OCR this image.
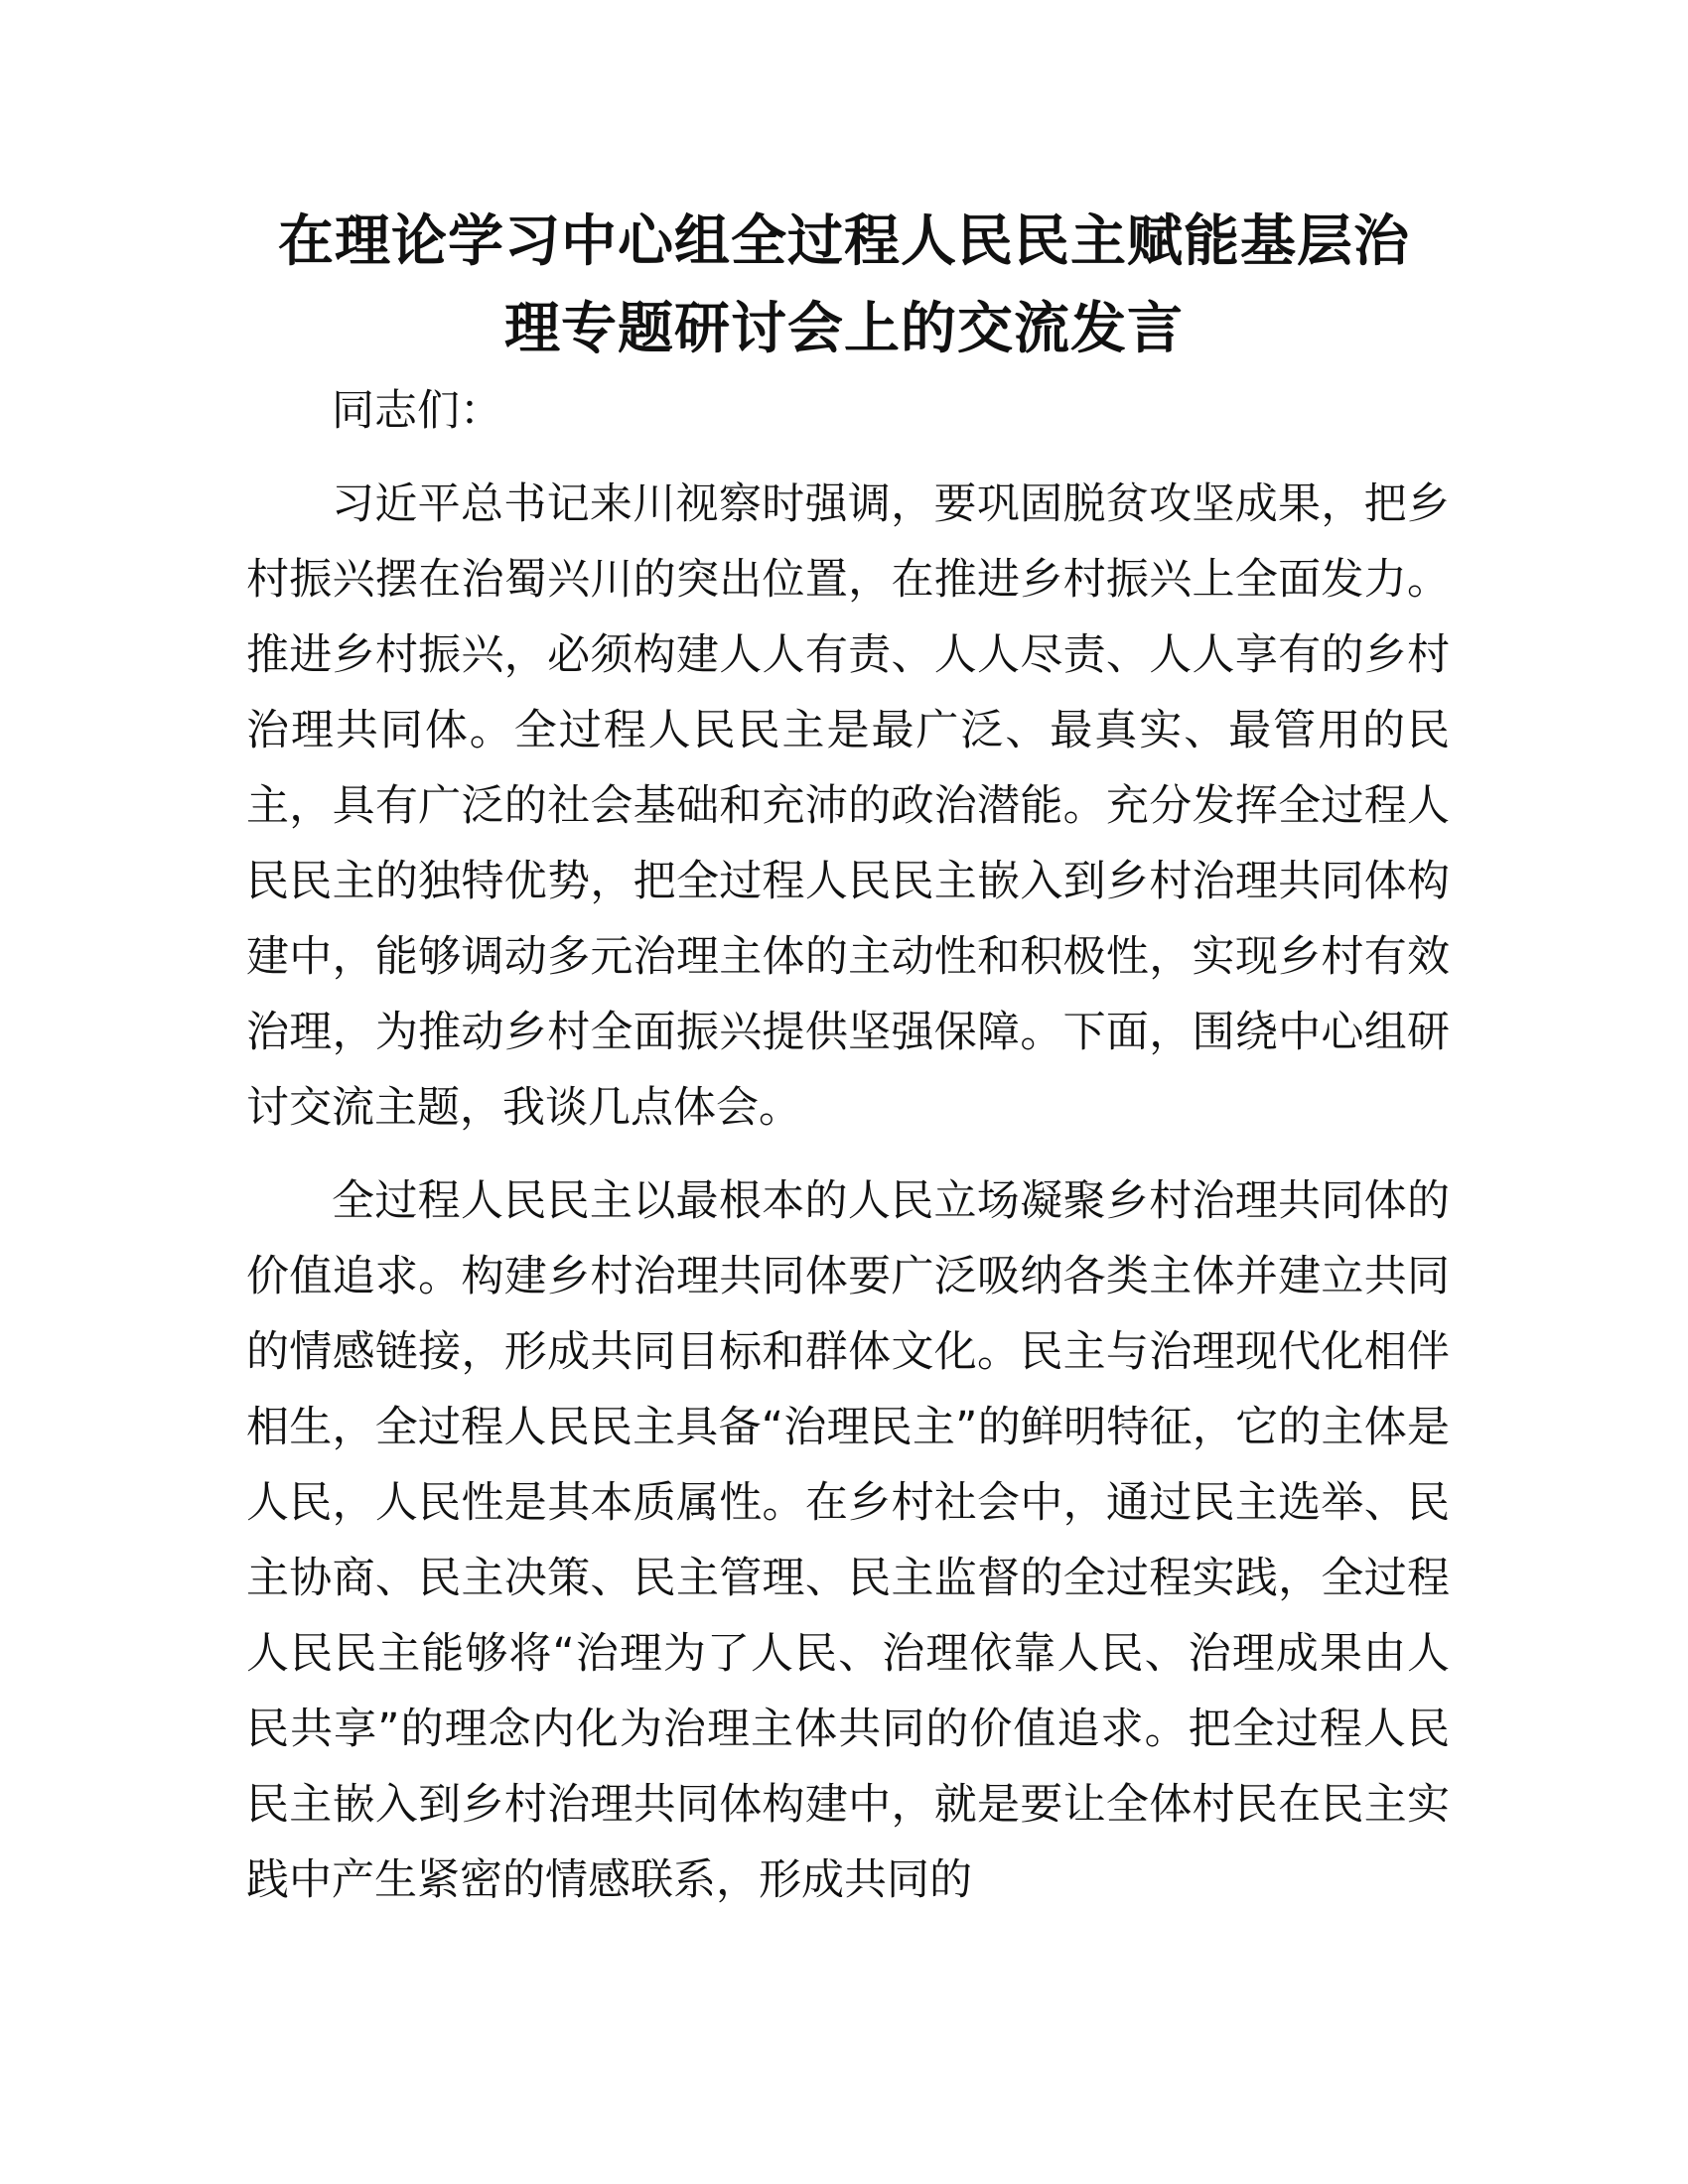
在理论学习中心组全过程人民民主赋能基层治
理专题研讨会上的交流发言

同志们：

习近平总书记来川视察时强调，要巩固脱贫攻坚成果，把乡村振兴摆在治蜀兴川的突出位置，在推进乡村振兴上全面发力。推进乡村振兴，必须构建人人有责、人人尽责、人人享有的乡村治理共同体。全过程人民民主是最广泛、最真实、最管用的民主，具有广泛的社会基础和充沛的政治潜能。充分发挥全过程人民民主的独特优势，把全过程人民民主嵌入到乡村治理共同体构建中，能够调动多元治理主体的主动性和积极性，实现乡村有效治理，为推动乡村全面振兴提供坚强保障。下面，围绕中心组研讨交流主题，我谈几点体会。

全过程人民民主以最根本的人民立场凝聚乡村治理共同体的价值追求。构建乡村治理共同体要广泛吸纳各类主体并建立共同的情感链接，形成共同目标和群体文化。民主与治理现代化相伴相生，全过程人民民主具备“治理民主”的鲜明特征，它的主体是人民，人民性是其本质属性。在乡村社会中，通过民主选举、民主协商、民主决策、民主管理、民主监督的全过程实践，全过程人民民主能够将“治理为了人民、治理依靠人民、治理成果由人民共享”的理念内化为治理主体共同的价值追求。把全过程人民民主嵌入到乡村治理共同体构建中，就是要让全体村民在民主实践中产生紧密的情感联系，形成共同的
